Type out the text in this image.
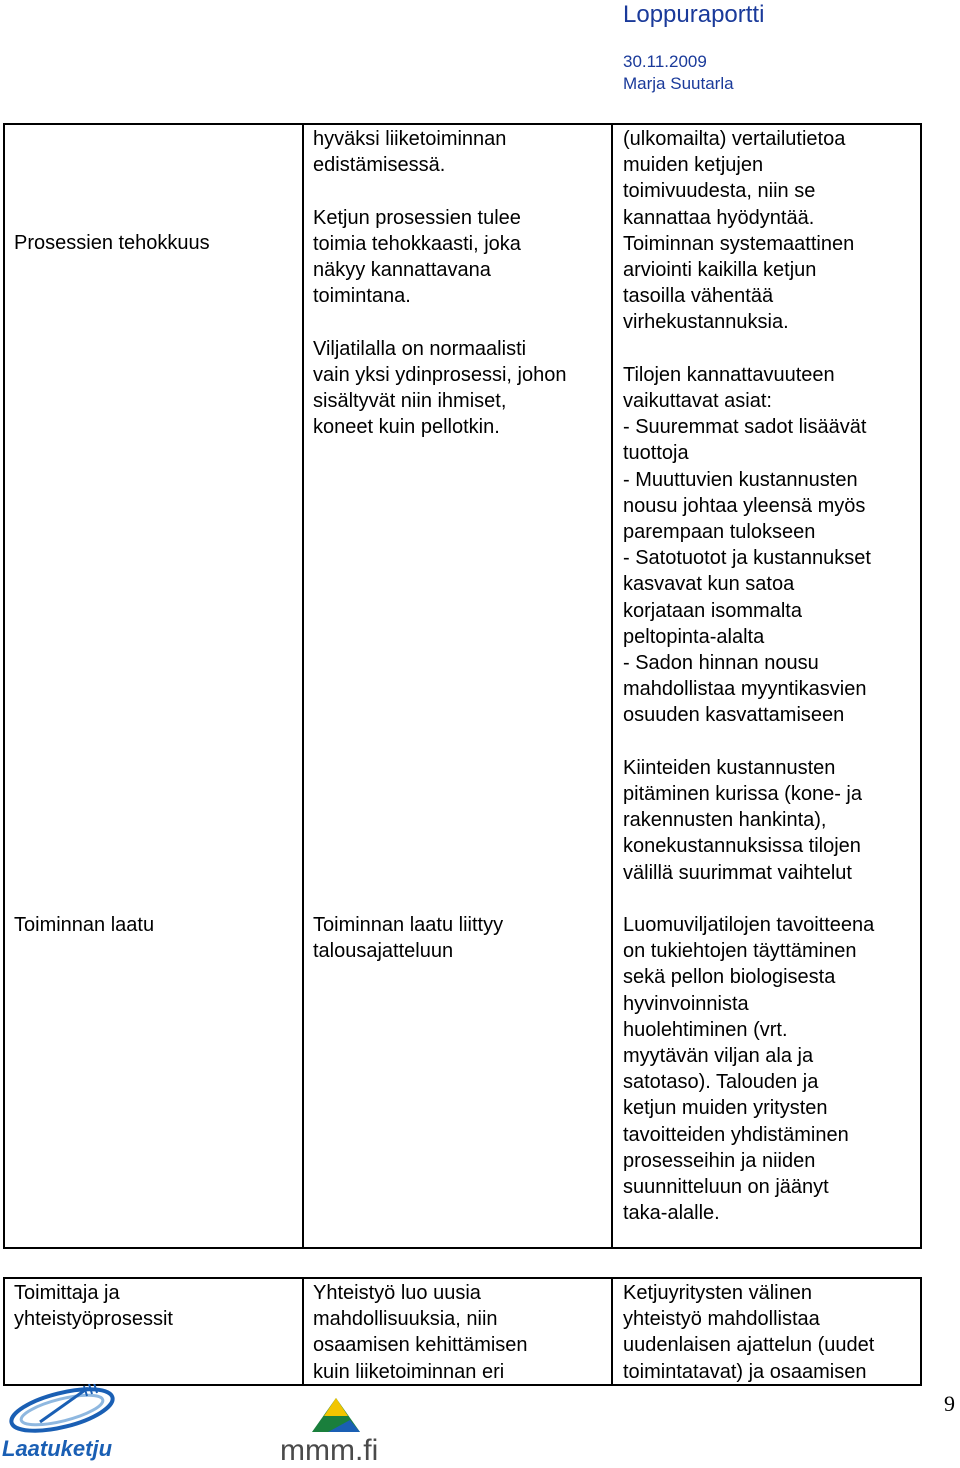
Loppuraportti
30.11.2009
Marja Suutarla

Prosessien tehokkuus

Toiminnan laatu

hyväksi liiketoiminnan
edistämisessä.

Ketjun prosessien tulee
toimia tehokkaasti, joka
näkyy kannattavana
toimintana.

Viljatilalla on normaalisti
vain yksi ydinprosessi, johon
sisältyvät niin ihmiset,
koneet kuin pellotkin.

Toiminnan laatu liittyy
talousajatteluun

(ulkomailta) vertailutietoa
muiden ketjujen
toimivuudesta, niin se
kannattaa hyödyntää.
Toiminnan systemaattinen
arviointi kaikilla ketjun
tasoilla vähentää
virhekustannuksia.

Tilojen kannattavuuteen
vaikuttavat asiat:
- Suuremmat sadot lisäävät
tuottoja
- Muuttuvien kustannusten
nousu johtaa yleensä myös
parempaan tulokseen
- Satotuotot ja kustannukset
kasvavat kun satoa
korjataan isommalta
peltopinta-alalta
- Sadon hinnan nousu
mahdollistaa myyntikasvien
osuuden kasvattamiseen

Kiinteiden kustannusten
pitäminen kurissa (kone- ja
rakennusten hankinta),
konekustannuksissa tilojen
välillä suurimmat vaihtelut

Luomuviljatilojen tavoitteena
on tukiehtojen täyttäminen
sekä pellon biologisesta
hyvinvoinnista
huolehtiminen (vrt.
myytävän viljan ala ja
satotaso). Talouden ja
ketjun muiden yritysten
tavoitteiden yhdistäminen
prosesseihin ja niiden
suunnitteluun on jäänyt
taka-alalle.

Toimittaja ja
yhteistyöprosessit

Yhteistyö luo uusia
mahdollisuuksia, niin
osaamisen kehittämisen
kuin liiketoiminnan eri

Ketjuyritysten välinen
yhteistyö mahdollistaa
uudenlaisen ajattelun (uudet
toimintatavat) ja osaamisen

9
Laatuketju	mmm.fi
